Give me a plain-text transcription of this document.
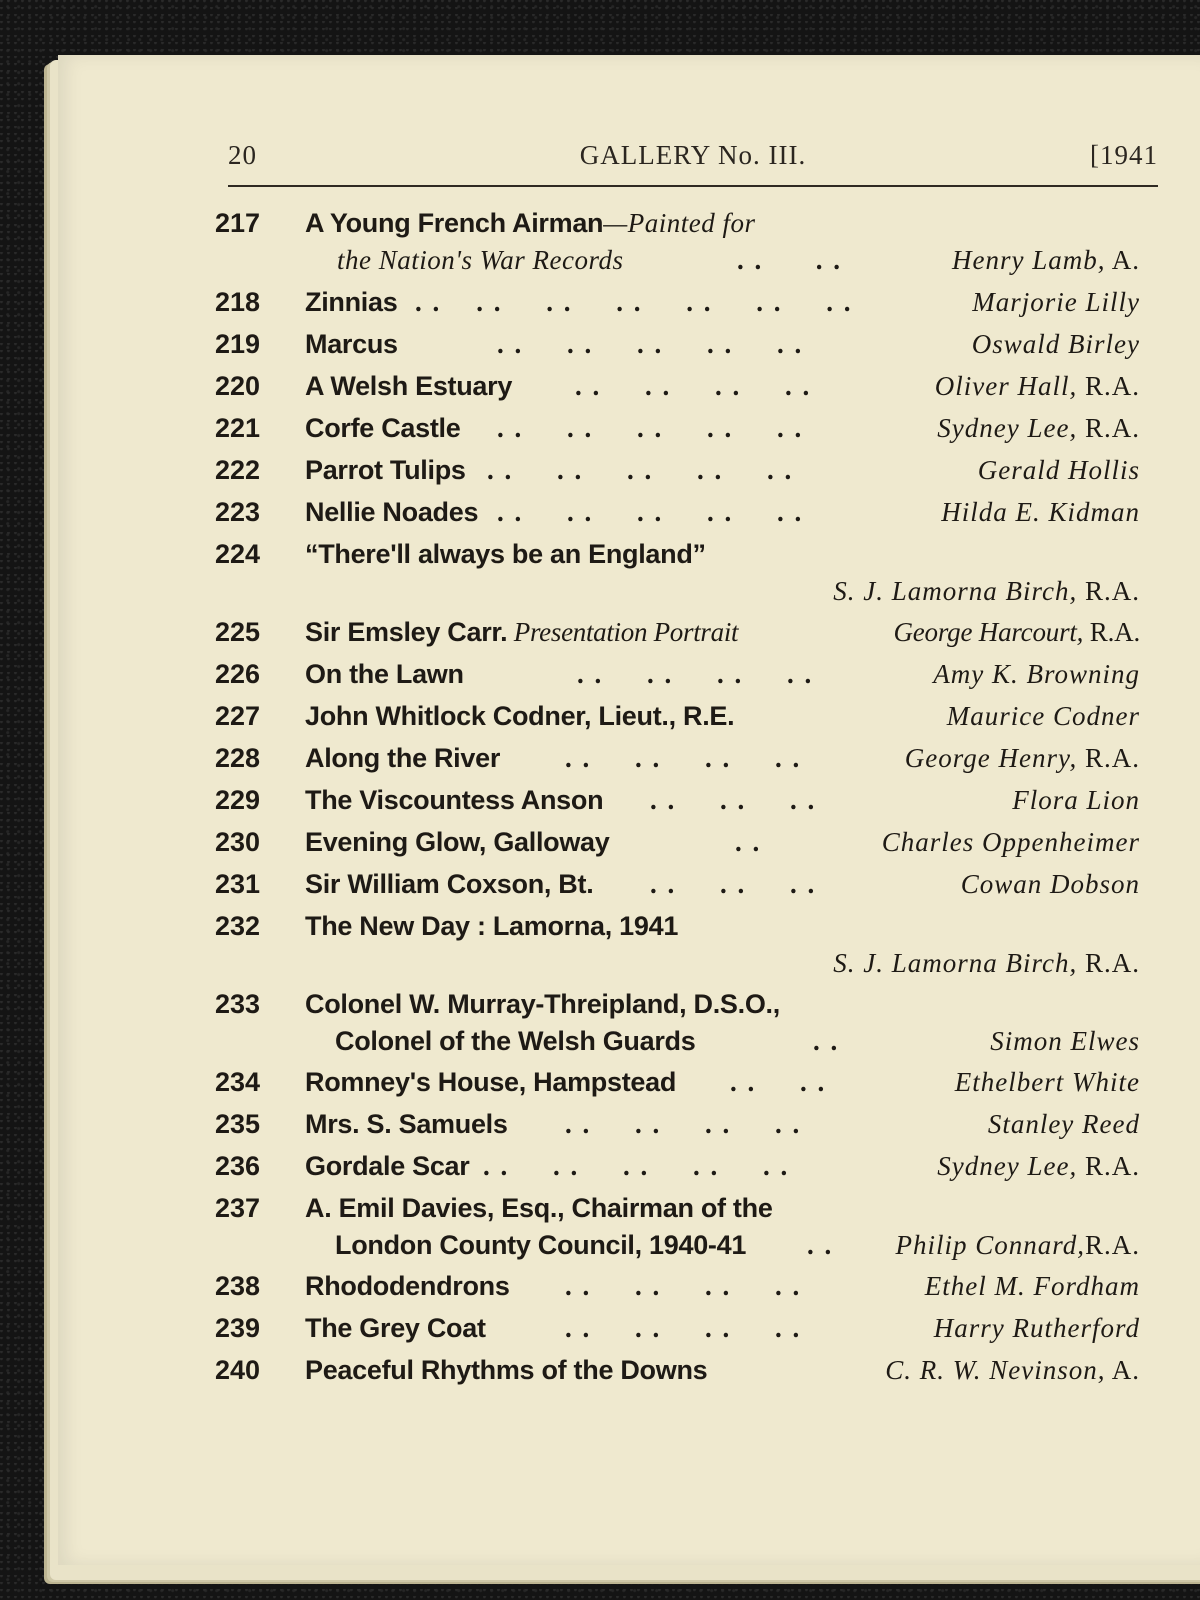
20	GALLERY No. III.	[1941
217	A Young French Airman—Painted for
the Nation's War Records	. .      . .	Henry Lamb, A.
218	Zinnias . .    . .     . .     . .     . .     . .     . .	Marjorie Lilly
219	Marcus	. .     . .     . .     . .     . .	Oswald Birley
220	A Welsh Estuary . .     . .     . .     . .	Oliver Hall, R.A.
221	Corfe Castle . .     . .     . .     . .     . .	Sydney Lee, R.A.
222	Parrot Tulips . .     . .     . .     . .     . .	Gerald Hollis
223	Nellie Noades . .     . .     . .     . .     . .	Hilda E. Kidman
224	“There'll always be an England”
S. J. Lamorna Birch, R.A.
225	Sir Emsley Carr. Presentation Portrait	George Harcourt, R.A.
226	On the Lawn	. .     . .     . .     . .	Amy K. Browning
227	John Whitlock Codner, Lieut., R.E.	Maurice Codner
228	Along the River . .     . .     . .     . .	George Henry, R.A.
229	The Viscountess Anson . .     . .     . .	Flora Lion
230	Evening Glow, Galloway	. .	Charles Oppenheimer
231	Sir William Coxson, Bt. . .     . .     . .	Cowan Dobson
232	The New Day : Lamorna, 1941
S. J. Lamorna Birch, R.A.
233	Colonel W. Murray-Threipland, D.S.O.,
Colonel of the Welsh Guards	. .	Simon Elwes
234	Romney's House, Hampstead . .     . .	Ethelbert White
235	Mrs. S. Samuels . .     . .     . .     . .	Stanley Reed
236	Gordale Scar . .     . .     . .     . .     . .	Sydney Lee, R.A.
237	A. Emil Davies, Esq., Chairman of the
London County Council, 1940-41 . . Philip Connard,R.A.
238	Rhododendrons . .     . .     . .     . .	Ethel M. Fordham
239	The Grey Coat	. .     . .     . .     . .	Harry Rutherford
240	Peaceful Rhythms of the Downs	C. R. W. Nevinson, A.
